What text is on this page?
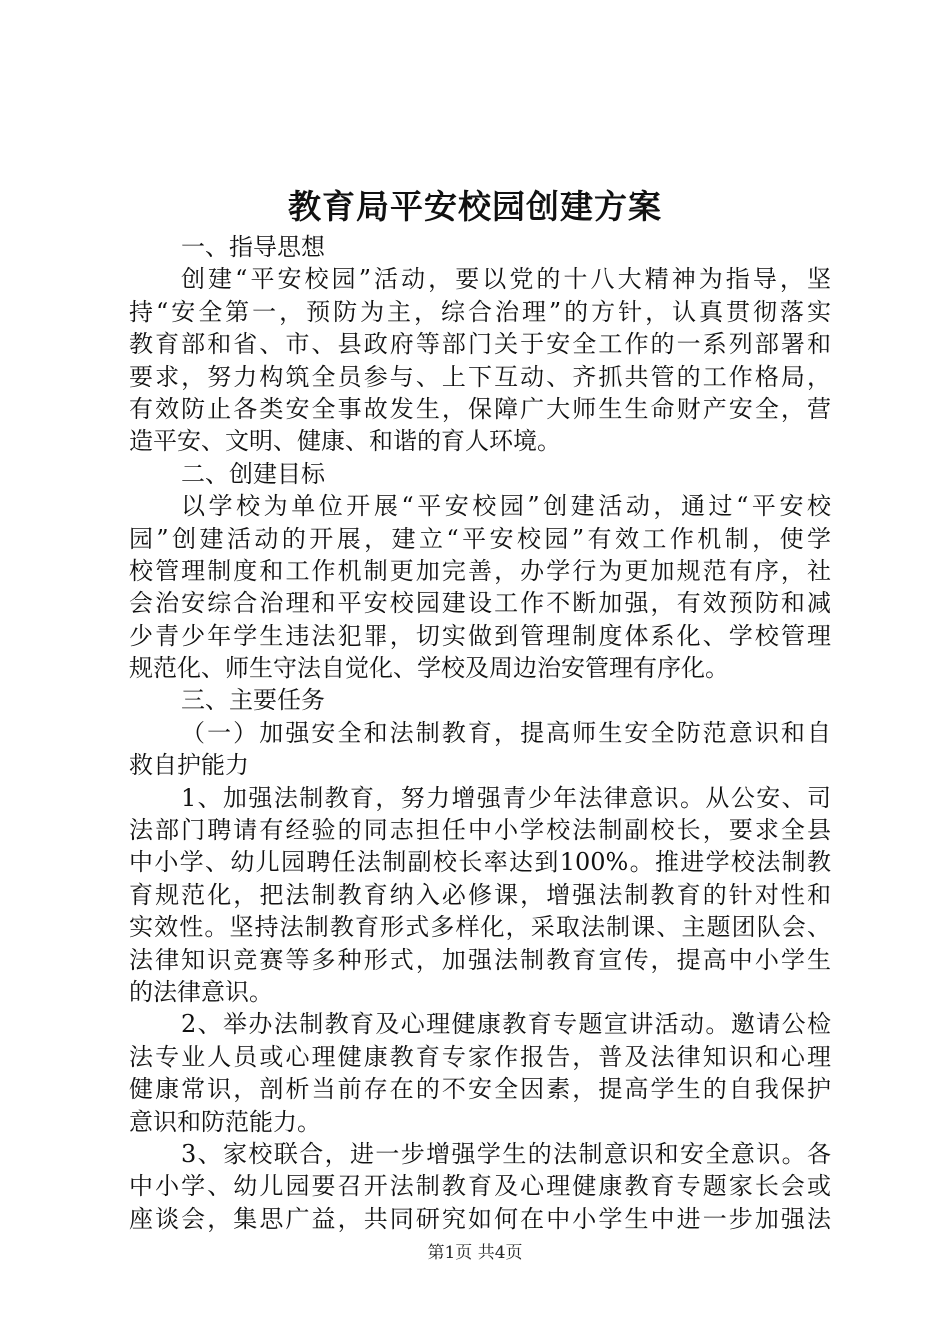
教育局平安校园创建方案
一、指导思想
创建“平安校园”活动，要以党的十八大精神为指导，坚
持“安全第一，预防为主，综合治理”的方针，认真贯彻落实
教育部和省、市、县政府等部门关于安全工作的一系列部署和
要求，努力构筑全员参与、上下互动、齐抓共管的工作格局，
有效防止各类安全事故发生，保障广大师生生命财产安全，营
造平安、文明、健康、和谐的育人环境。
二、创建目标
以学校为单位开展“平安校园”创建活动，通过“平安校
园”创建活动的开展，建立“平安校园”有效工作机制，使学
校管理制度和工作机制更加完善，办学行为更加规范有序，社
会治安综合治理和平安校园建设工作不断加强，有效预防和减
少青少年学生违法犯罪，切实做到管理制度体系化、学校管理
规范化、师生守法自觉化、学校及周边治安管理有序化。
三、主要任务
（一）加强安全和法制教育，提高师生安全防范意识和自
救自护能力
1、加强法制教育，努力增强青少年法律意识。从公安、司
法部门聘请有经验的同志担任中小学校法制副校长，要求全县
中小学、幼儿园聘任法制副校长率达到100%。推进学校法制教
育规范化，把法制教育纳入必修课，增强法制教育的针对性和
实效性。坚持法制教育形式多样化，采取法制课、主题团队会、
法律知识竞赛等多种形式，加强法制教育宣传，提高中小学生
的法律意识。
2、举办法制教育及心理健康教育专题宣讲活动。邀请公检
法专业人员或心理健康教育专家作报告，普及法律知识和心理
健康常识，剖析当前存在的不安全因素，提高学生的自我保护
意识和防范能力。
3、家校联合，进一步增强学生的法制意识和安全意识。各
中小学、幼儿园要召开法制教育及心理健康教育专题家长会或
座谈会，集思广益，共同研究如何在中小学生中进一步加强法
第1页 共4页
